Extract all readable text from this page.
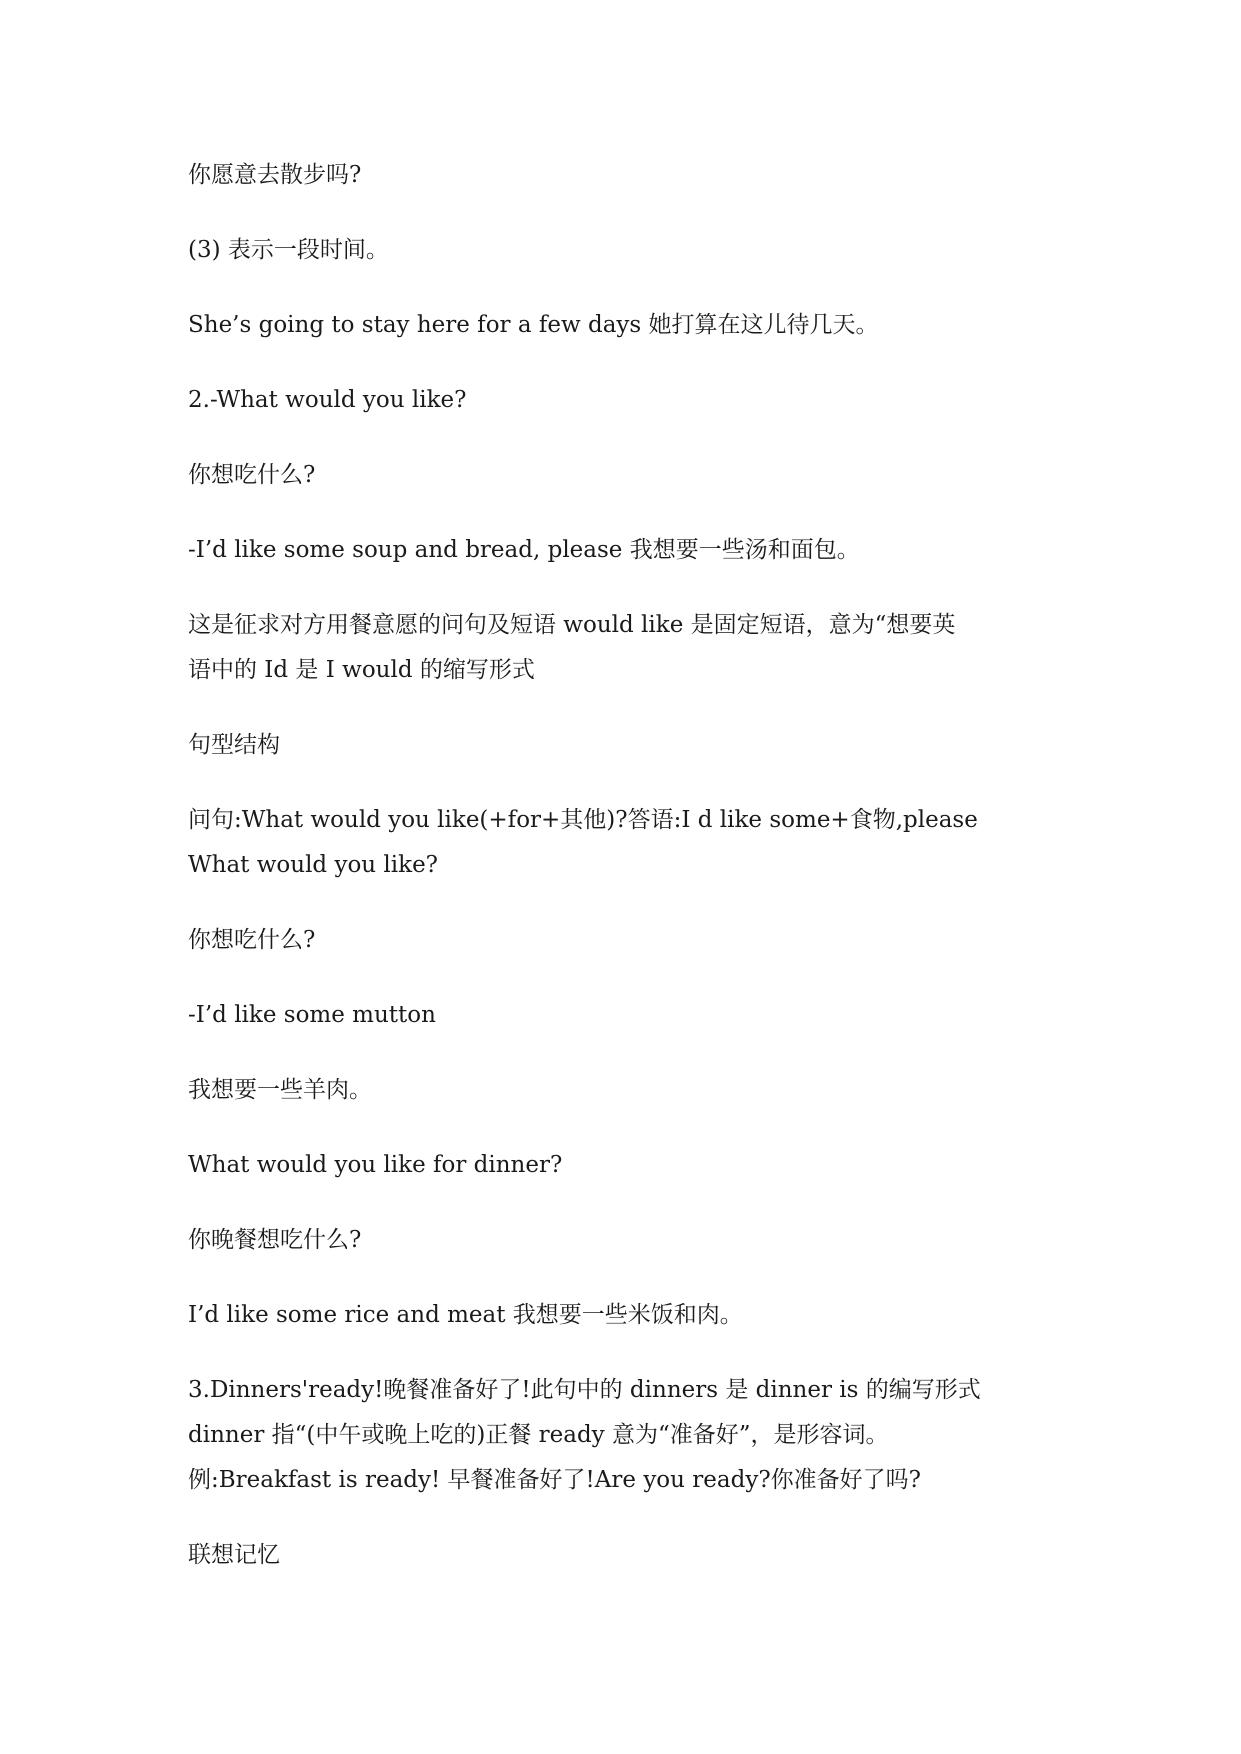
你愿意去散步吗?
(3) 表示一段时间。
She’s going to stay here for a few days 她打算在这儿待几天。
2.-What would you like?
你想吃什么?
-I’d like some soup and bread, please 我想要一些汤和面包。
这是征求对方用餐意愿的问句及短语 would like 是固定短语，意为“想要英
语中的 Id 是 I would 的缩写形式
句型结构
问句:What would you like(+for+其他)?答语:I d like some+食物,please
What would you like?
你想吃什么?
-I’d like some mutton
我想要一些羊肉。
What would you like for dinner?
你晚餐想吃什么?
I’d like some rice and meat 我想要一些米饭和肉。
3.Dinners'ready!晚餐准备好了!此句中的 dinners 是 dinner is 的编写形式
dinner 指“(中午或晚上吃的)正餐 ready 意为“准备好”，是形容词。
例:Breakfast is ready! 早餐准备好了!Are you ready?你准备好了吗?
联想记忆
